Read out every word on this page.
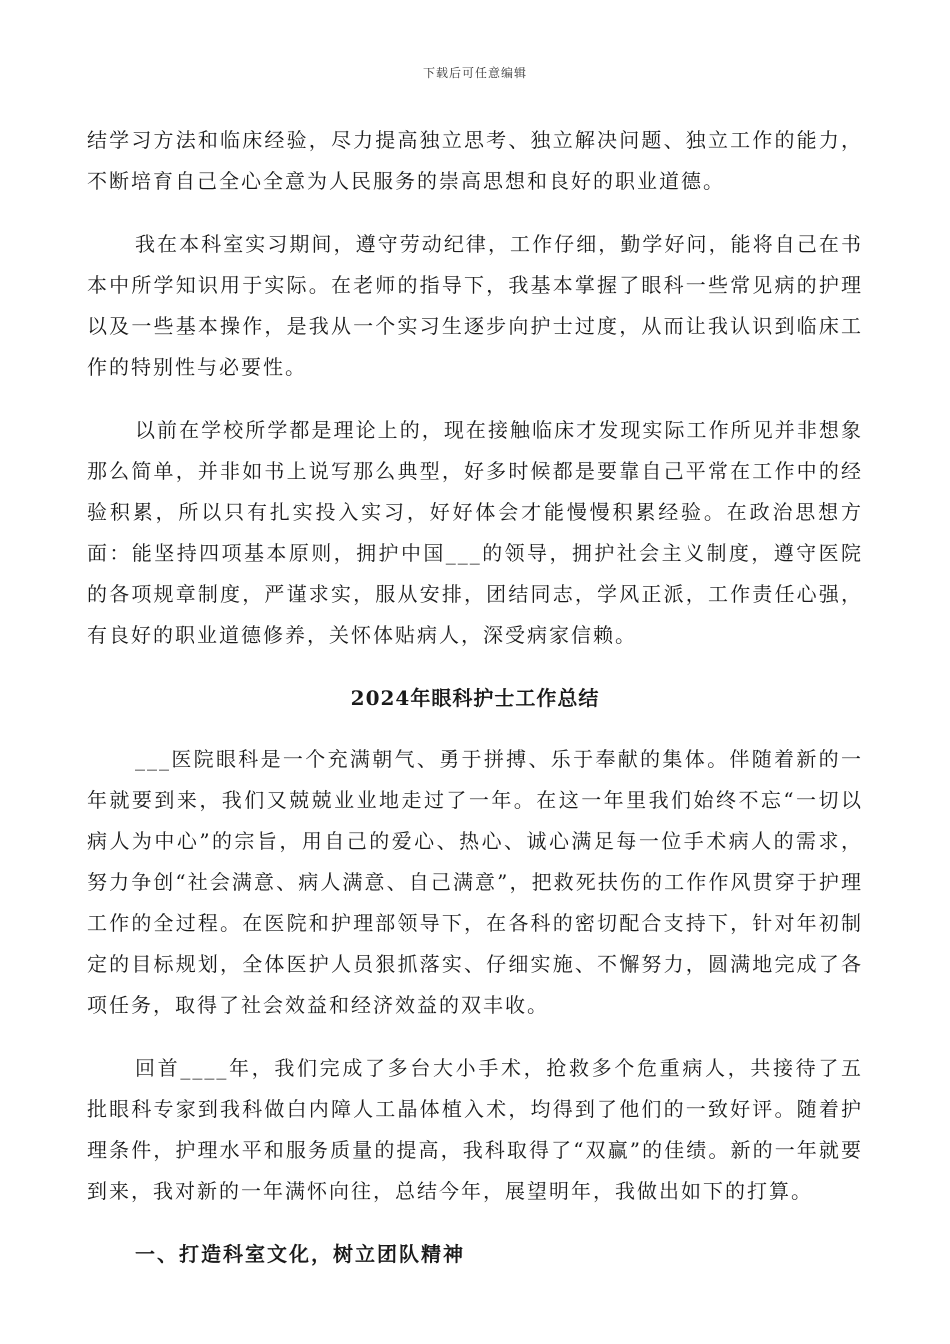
下载后可任意编辑

结学习方法和临床经验，尽力提高独立思考、独立解决问题、独立工作的能力，不断培育自己全心全意为人民服务的崇高思想和良好的职业道德。

我在本科室实习期间，遵守劳动纪律，工作仔细，勤学好问，能将自己在书本中所学知识用于实际。在老师的指导下，我基本掌握了眼科一些常见病的护理以及一些基本操作，是我从一个实习生逐步向护士过度，从而让我认识到临床工作的特别性与必要性。

以前在学校所学都是理论上的，现在接触临床才发现实际工作所见并非想象那么简单，并非如书上说写那么典型，好多时候都是要靠自己平常在工作中的经验积累，所以只有扎实投入实习，好好体会才能慢慢积累经验。在政治思想方面：能坚持四项基本原则，拥护中国___的领导，拥护社会主义制度，遵守医院的各项规章制度，严谨求实，服从安排，团结同志，学风正派，工作责任心强，有良好的职业道德修养，关怀体贴病人，深受病家信赖。

2024年眼科护士工作总结

___医院眼科是一个充满朝气、勇于拼搏、乐于奉献的集体。伴随着新的一年就要到来，我们又兢兢业业地走过了一年。在这一年里我们始终不忘“一切以病人为中心”的宗旨，用自己的爱心、热心、诚心满足每一位手术病人的需求，努力争创“社会满意、病人满意、自己满意”，把救死扶伤的工作作风贯穿于护理工作的全过程。在医院和护理部领导下，在各科的密切配合支持下，针对年初制定的目标规划，全体医护人员狠抓落实、仔细实施、不懈努力，圆满地完成了各项任务，取得了社会效益和经济效益的双丰收。

回首____年，我们完成了多台大小手术，抢救多个危重病人，共接待了五批眼科专家到我科做白内障人工晶体植入术，均得到了他们的一致好评。随着护理条件，护理水平和服务质量的提高，我科取得了“双赢”的佳绩。新的一年就要到来，我对新的一年满怀向往，总结今年，展望明年，我做出如下的打算。

一、打造科室文化，树立团队精神
